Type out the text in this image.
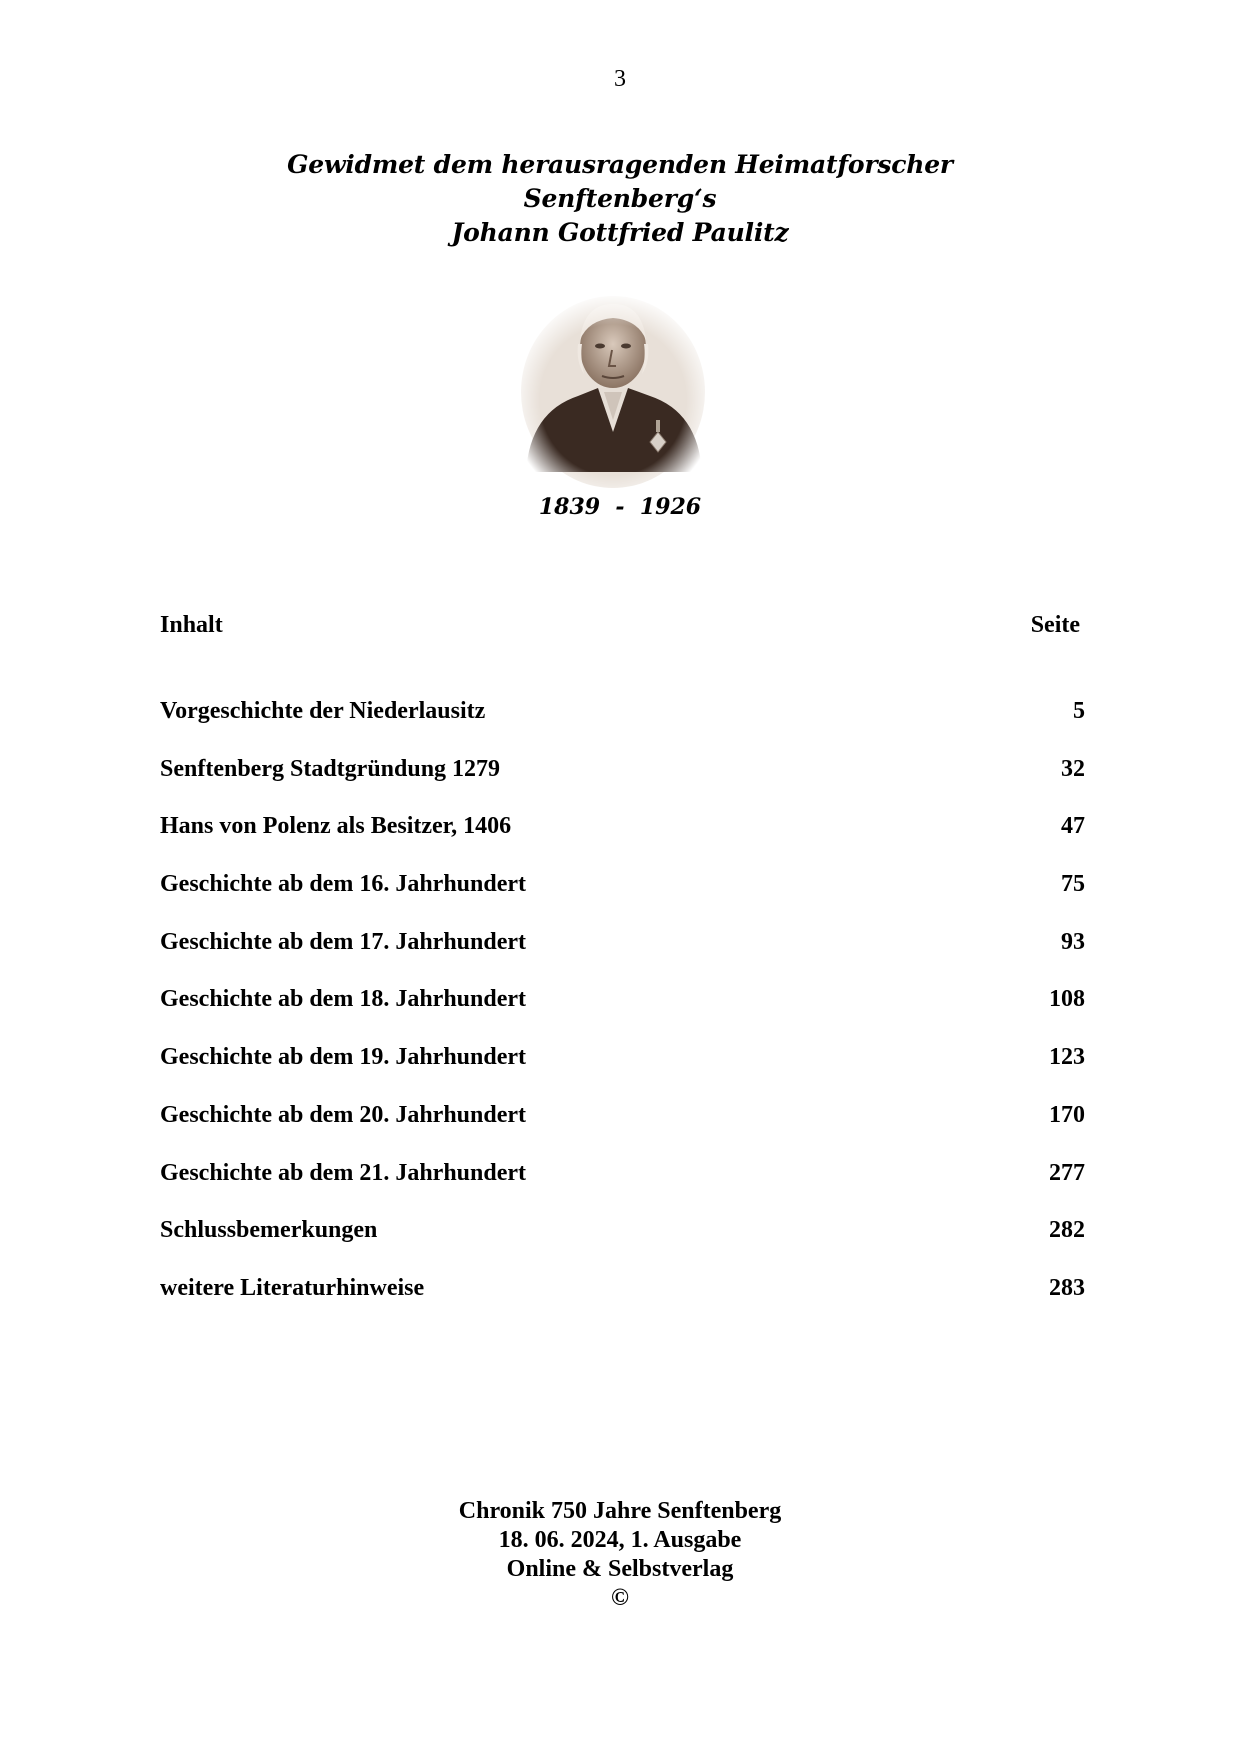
3
Gewidmet dem herausragenden Heimatforscher
Senftenberg‘s
Johann Gottfried Paulitz
1839  -  1926
Inhalt	Seite
Vorgeschichte der Niederlausitz	5
Senftenberg Stadtgründung 1279	32
Hans von Polenz als Besitzer, 1406	47
Geschichte ab dem 16. Jahrhundert	75
Geschichte ab dem 17. Jahrhundert	93
Geschichte ab dem 18. Jahrhundert	108
Geschichte ab dem 19. Jahrhundert	123
Geschichte ab dem 20. Jahrhundert	170
Geschichte ab dem 21. Jahrhundert	277
Schlussbemerkungen	282
weitere Literaturhinweise	283
Chronik 750 Jahre Senftenberg
18. 06. 2024, 1. Ausgabe
Online & Selbstverlag
©
